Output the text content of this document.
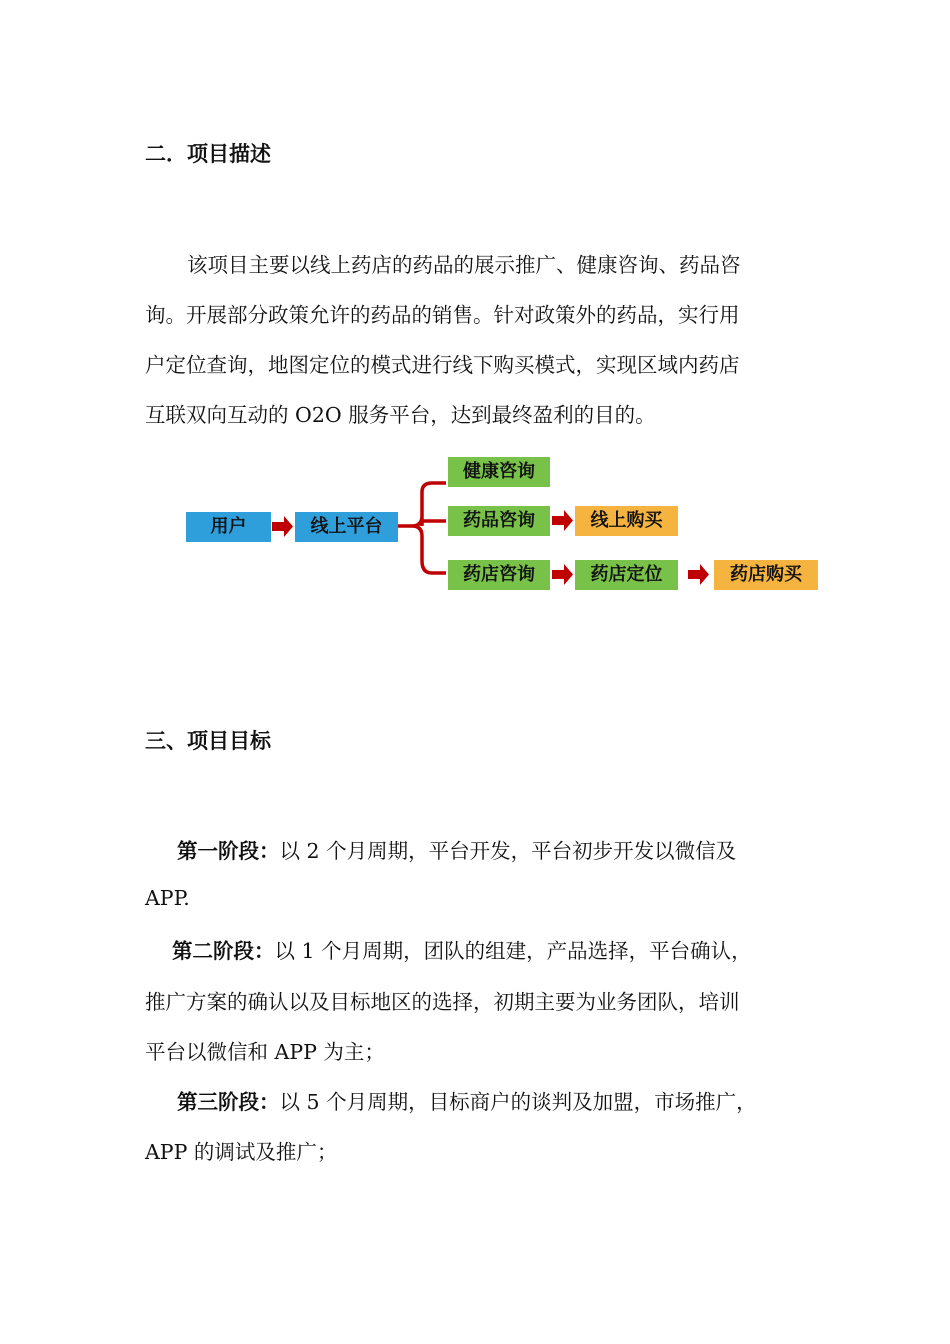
二．项目描述
该项目主要以线上药店的药品的展示推广、健康咨询、药品咨
询。开展部分政策允许的药品的销售。针对政策外的药品，实行用
户定位查询，地图定位的模式进行线下购买模式，实现区域内药店
互联双向互动的 O2O 服务平台，达到最终盈利的目的。
用户	线上平台
健康咨询
药品咨询	线上购买
药店咨询	药店定位	药店购买
三、项目目标
第一阶段：以 2 个月周期，平台开发，平台初步开发以微信及
APP.
第二阶段：以 1 个月周期，团队的组建，产品选择，平台确认，
推广方案的确认以及目标地区的选择，初期主要为业务团队，培训
平台以微信和 APP 为主；
第三阶段：以 5 个月周期，目标商户的谈判及加盟，市场推广，
APP 的调试及推广；
